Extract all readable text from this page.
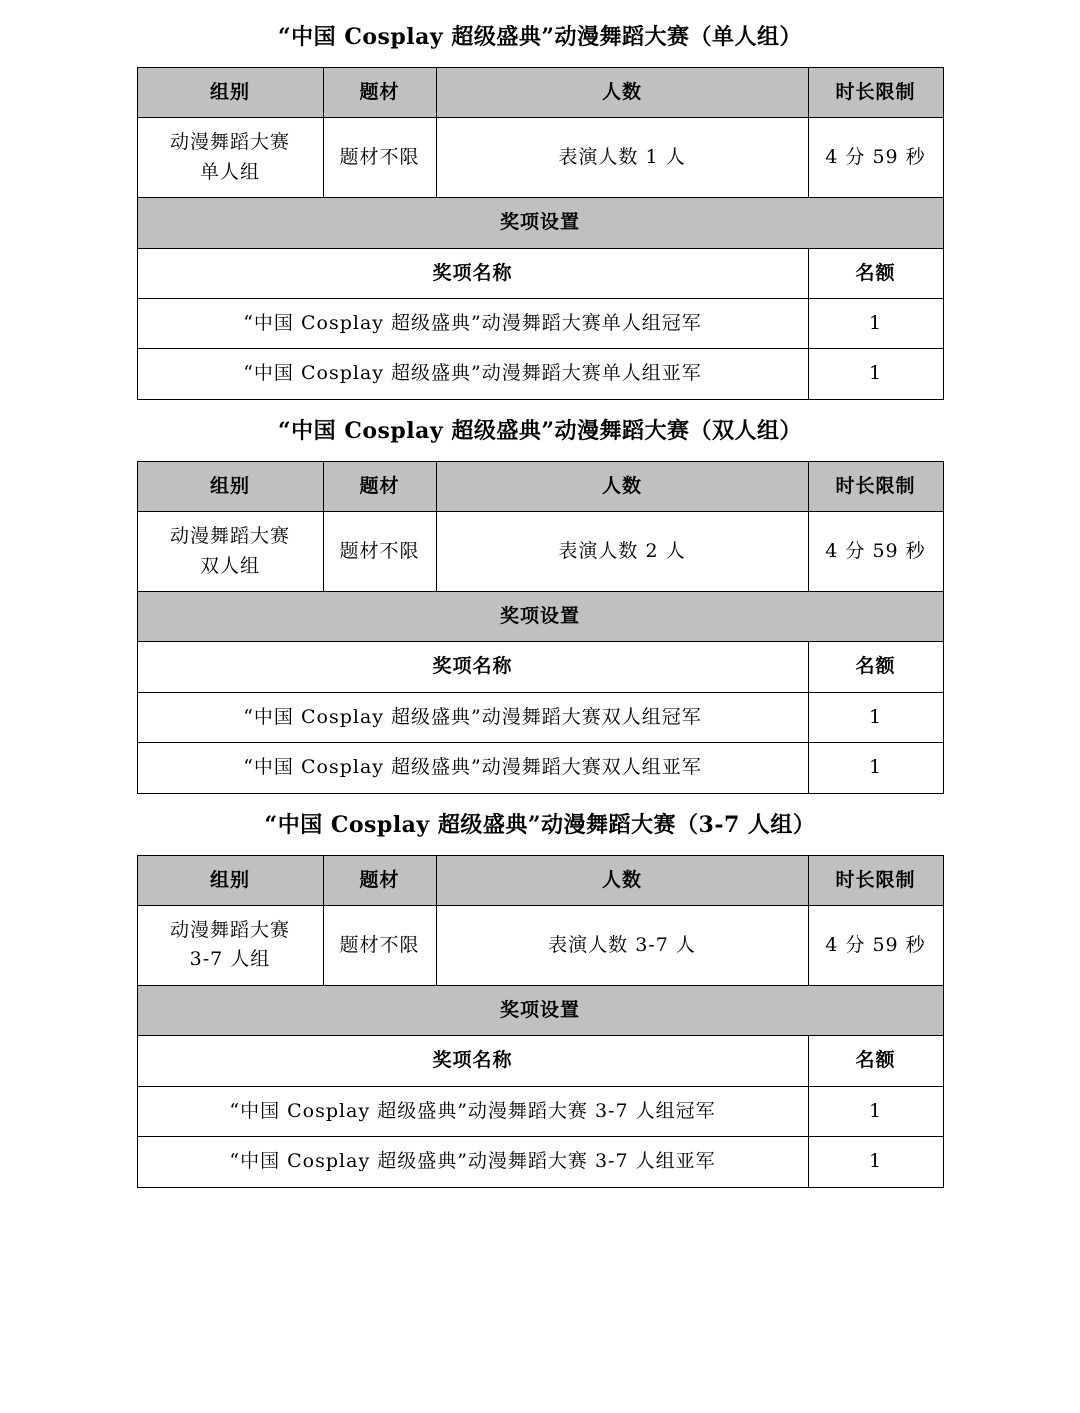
“中国 Cosplay 超级盛典”动漫舞蹈大赛（单人组）
组别	题材	人数	时长限制

动漫舞蹈大赛
单人组	题材不限	表演人数 1 人	4 分 59 秒
奖项设置			
奖项名称			名额
“中国 Cosplay 超级盛典”动漫舞蹈大赛单人组冠军			1
“中国 Cosplay 超级盛典”动漫舞蹈大赛单人组亚军			1
“中国 Cosplay 超级盛典”动漫舞蹈大赛（双人组）
组别	题材	人数	时长限制

动漫舞蹈大赛
双人组	题材不限	表演人数 2 人	4 分 59 秒
奖项设置			
奖项名称			名额
“中国 Cosplay 超级盛典”动漫舞蹈大赛双人组冠军			1
“中国 Cosplay 超级盛典”动漫舞蹈大赛双人组亚军			1
“中国 Cosplay 超级盛典”动漫舞蹈大赛（3-7 人组）
组别	题材	人数	时长限制

动漫舞蹈大赛
3-7 人组	题材不限	表演人数 3-7 人	4 分 59 秒
奖项设置			
奖项名称			名额
“中国 Cosplay 超级盛典”动漫舞蹈大赛 3-7 人组冠军			1
“中国 Cosplay 超级盛典”动漫舞蹈大赛 3-7 人组亚军			1
